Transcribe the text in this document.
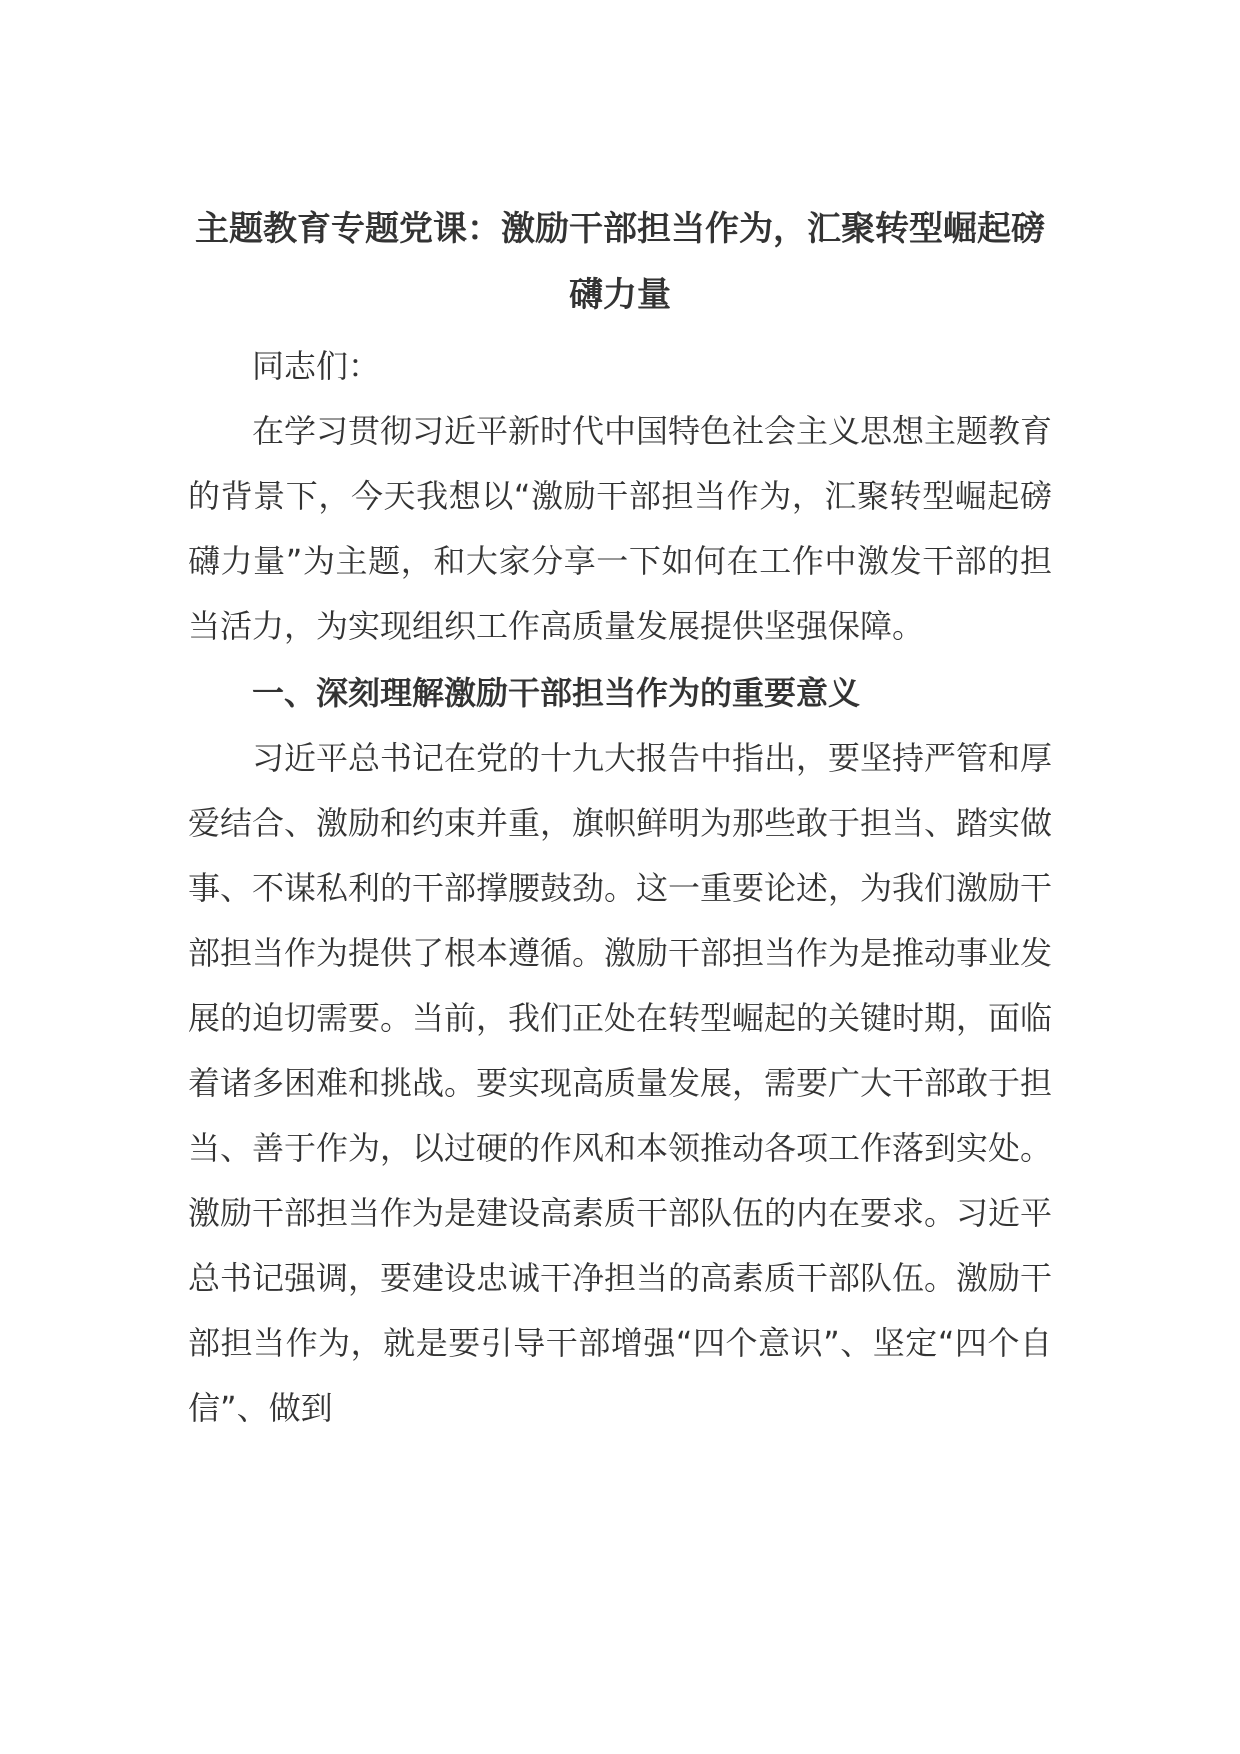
主题教育专题党课：激励干部担当作为，汇聚转型崛起磅礴力量

同志们：

在学习贯彻习近平新时代中国特色社会主义思想主题教育的背景下，今天我想以“激励干部担当作为，汇聚转型崛起磅礴力量”为主题，和大家分享一下如何在工作中激发干部的担当活力，为实现组织工作高质量发展提供坚强保障。

一、深刻理解激励干部担当作为的重要意义

习近平总书记在党的十九大报告中指出，要坚持严管和厚爱结合、激励和约束并重，旗帜鲜明为那些敢于担当、踏实做事、不谋私利的干部撑腰鼓劲。这一重要论述，为我们激励干部担当作为提供了根本遵循。激励干部担当作为是推动事业发展的迫切需要。当前，我们正处在转型崛起的关键时期，面临着诸多困难和挑战。要实现高质量发展，需要广大干部敢于担当、善于作为，以过硬的作风和本领推动各项工作落到实处。激励干部担当作为是建设高素质干部队伍的内在要求。习近平总书记强调，要建设忠诚干净担当的高素质干部队伍。激励干部担当作为，就是要引导干部增强“四个意识”、坚定“四个自信”、做到
